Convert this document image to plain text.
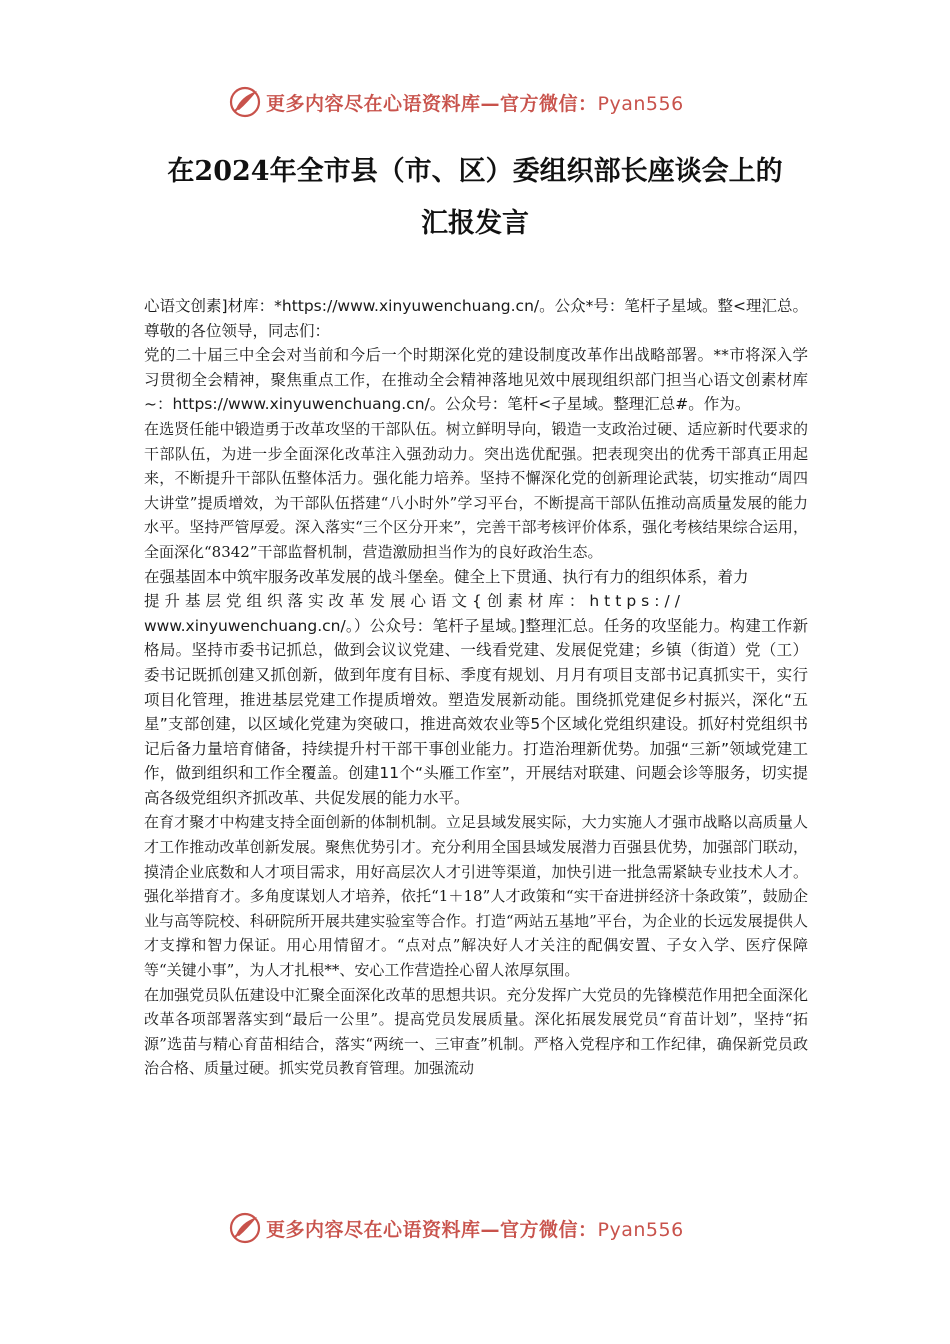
更多内容尽在心语资料库—官方微信：Pyan556
在2024年全市县（市、区）委组织部长座谈会上的
汇报发言

心语文创素]材库：*https://www.xinyuwenchuang.cn/。公众*号：笔杆子星域。整<理汇总。尊敬的各位领导，同志们：

党的二十届三中全会对当前和今后一个时期深化党的建设制度改革作出战略部署。**市将深入学习贯彻全会精神，聚焦重点工作，在推动全会精神落地见效中展现组织部门担当心语文创素材库~：https://www.xinyuwenchuang.cn/。公众号：笔杆<子星域。整理汇总#。作为。

在选贤任能中锻造勇于改革攻坚的干部队伍。树立鲜明导向，锻造一支政治过硬、适应新时代要求的干部队伍，为进一步全面深化改革注入强劲动力。突出选优配强。把表现突出的优秀干部真正用起来，不断提升干部队伍整体活力。强化能力培养。坚持不懈深化党的创新理论武装，切实推动“周四大讲堂”提质增效，为干部队伍搭建“八小时外”学习平台，不断提高干部队伍推动高质量发展的能力水平。坚持严管厚爱。深入落实“三个区分开来”，完善干部考核评价体系，强化考核结果综合运用，全面深化“8342”干部监督机制，营造激励担当作为的良好政治生态。

在强基固本中筑牢服务改革发展的战斗堡垒。健全上下贯通、执行有力的组织体系，着力
提升基层党组织落实改革发展心语文{创素材库：https://
www.xinyuwenchuang.cn/。）公众号：笔杆子星域。]整理汇总。任务的攻坚能力。构建工作新格局。坚持市委书记抓总，做到会议议党建、一线看党建、发展促党建；乡镇（街道）党（工）委书记既抓创建又抓创新，做到年度有目标、季度有规划、月月有项目支部书记真抓实干，实行项目化管理，推进基层党建工作提质增效。塑造发展新动能。围绕抓党建促乡村振兴，深化“五星”支部创建，以区域化党建为突破口，推进高效农业等5个区域化党组织建设。抓好村党组织书记后备力量培育储备，持续提升村干部干事创业能力。打造治理新优势。加强“三新”领域党建工作，做到组织和工作全覆盖。创建11个“头雁工作室”，开展结对联建、问题会诊等服务，切实提高各级党组织齐抓改革、共促发展的能力水平。

在育才聚才中构建支持全面创新的体制机制。立足县域发展实际，大力实施人才强市战略以高质量人才工作推动改革创新发展。聚焦优势引才。充分利用全国县域发展潜力百强县优势，加强部门联动，摸清企业底数和人才项目需求，用好高层次人才引进等渠道，加快引进一批急需紧缺专业技术人才。强化举措育才。多角度谋划人才培养，依托“1＋18”人才政策和“实干奋进拼经济十条政策”，鼓励企业与高等院校、科研院所开展共建实验室等合作。打造“两站五基地”平台，为企业的长远发展提供人才支撑和智力保证。用心用情留才。“点对点”解决好人才关注的配偶安置、子女入学、医疗保障等“关键小事”，为人才扎根**、安心工作营造拴心留人浓厚氛围。

在加强党员队伍建设中汇聚全面深化改革的思想共识。充分发挥广大党员的先锋模范作用把全面深化改革各项部署落实到“最后一公里”。提高党员发展质量。深化拓展发展党员“育苗计划”，坚持“拓源”选苗与精心育苗相结合，落实“两统一、三审查”机制。严格入党程序和工作纪律，确保新党员政治合格、质量过硬。抓实党员教育管理。加强流动

更多内容尽在心语资料库—官方微信：Pyan556
